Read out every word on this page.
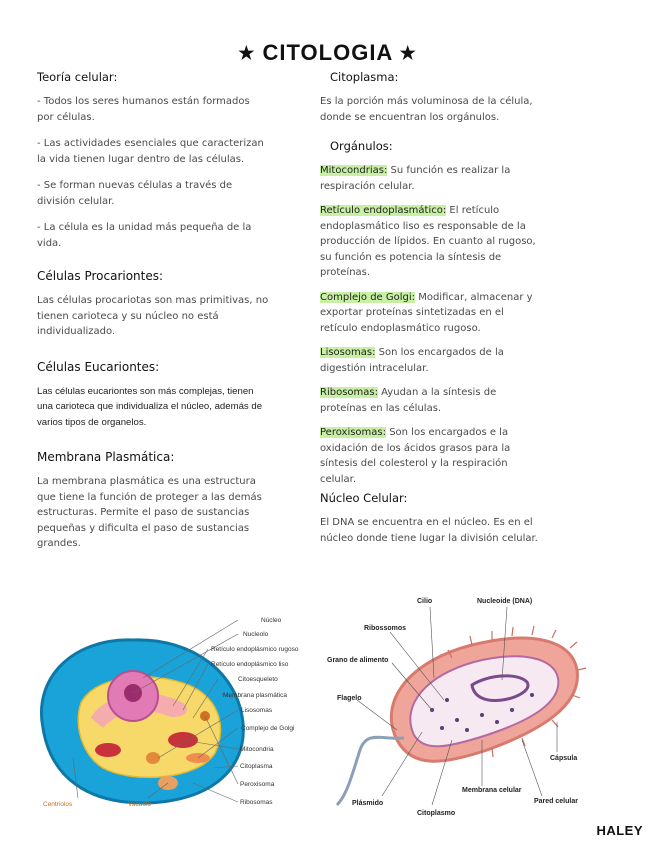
★ CITOLOGIA ★
Teoría celular:

- Todos los seres humanos están formados por células.

- Las actividades esenciales que caracterizan la vida tienen lugar dentro de las células.

- Se forman nuevas células a través de división celular.

- La célula es la unidad más pequeña de la vida.

Células Procariontes:

Las células procariotas son mas primitivas, no tienen carioteca y su núcleo no está individualizado.

Células Eucariontes:

Las células eucariontes son más complejas, tienen una carioteca que individualiza el núcleo, además de varios tipos de organelos.

Membrana Plasmática:

La membrana plasmática es una estructura que tiene la función de proteger a las demás estructuras. Permite el paso de sustancias pequeñas y dificulta el paso de sustancias grandes.

Citoplasma:

Es la porción más voluminosa de la célula, donde se encuentran los orgánulos.

Orgánulos:

Mitocondrias: Su función es realizar la respiración celular.

Retículo endoplasmático: El retículo endoplasmático liso es responsable de la producción de lípidos. En cuanto al rugoso, su función es potencia la síntesis de proteínas.

Complejo de Golgi: Modificar, almacenar y exportar proteínas sintetizadas en el retículo endoplasmático rugoso.

Lisosomas: Son los encargados de la digestión intracelular.

Ribosomas: Ayudan a la síntesis de proteínas en las células.

Peroxisomas: Son los encargados e la oxidación de los ácidos grasos para la síntesis del colesterol y la respiración celular.

Núcleo Celular:

El DNA se encuentra en el núcleo. Es en el núcleo donde tiene lugar la división celular.

Núcleo
Nucleolo
Retículo endoplásmico rugoso
Retículo endoplásmico liso
Citoesqueleto
Membrana plasmática
Lisosomas
Complejo de Golgi
Mitocondria
Citoplasma
Peroxisoma
Ribosomas
Centriolos	Vacuolo
Cilio	Nucleoide (DNA)
Ribossomos
Grano de alimento
Flagelo
Cápsula
Membrana celular
Pared celular
Plásmido
Citoplasmo
HALEY
